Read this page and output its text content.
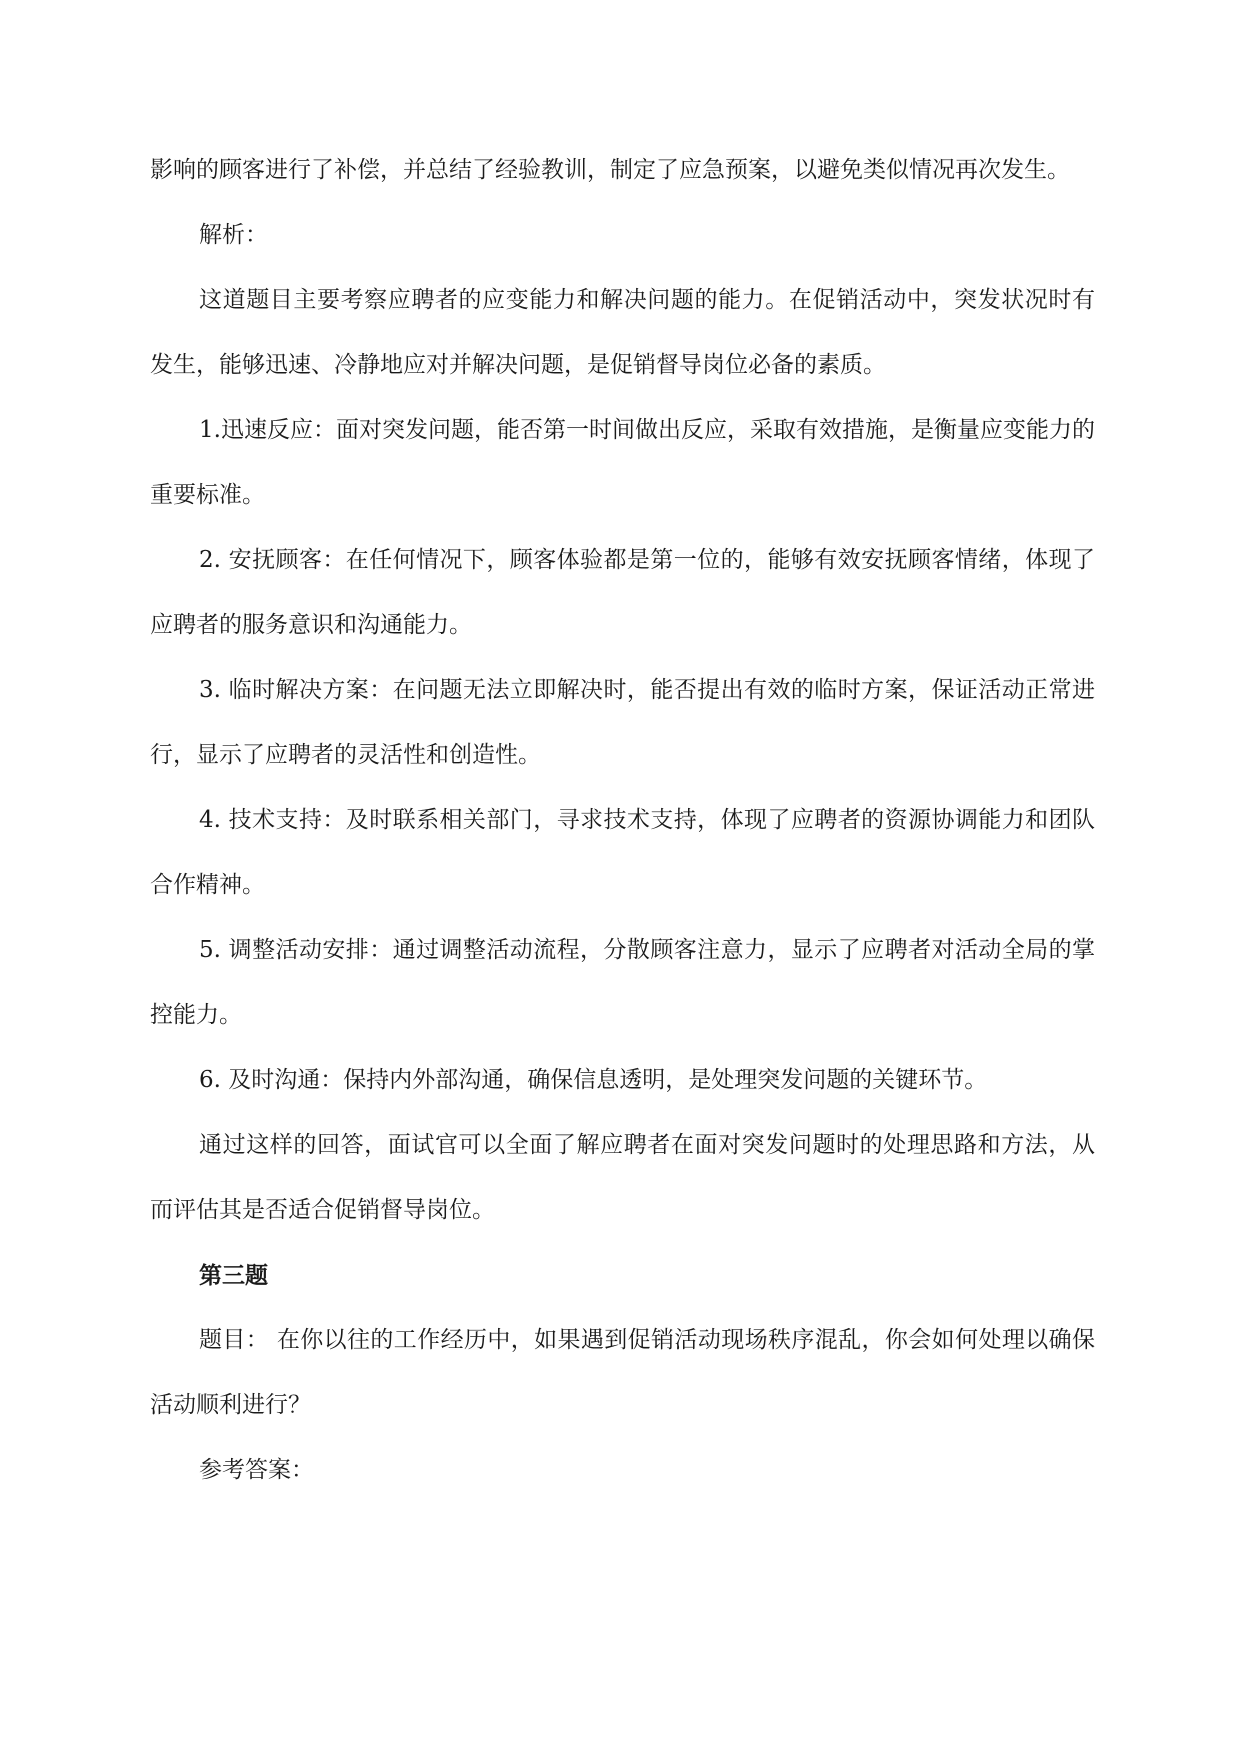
影响的顾客进行了补偿，并总结了经验教训，制定了应急预案，以避免类似情况再次发生。

解析：

这道题目主要考察应聘者的应变能力和解决问题的能力。在促销活动中，突发状况时有发生，能够迅速、冷静地应对并解决问题，是促销督导岗位必备的素质。

1.迅速反应：面对突发问题，能否第一时间做出反应，采取有效措施，是衡量应变能力的重要标准。

2. 安抚顾客：在任何情况下，顾客体验都是第一位的，能够有效安抚顾客情绪，体现了应聘者的服务意识和沟通能力。

3. 临时解决方案：在问题无法立即解决时，能否提出有效的临时方案，保证活动正常进行，显示了应聘者的灵活性和创造性。

4. 技术支持：及时联系相关部门，寻求技术支持，体现了应聘者的资源协调能力和团队合作精神。

5. 调整活动安排：通过调整活动流程，分散顾客注意力，显示了应聘者对活动全局的掌控能力。

6. 及时沟通：保持内外部沟通，确保信息透明，是处理突发问题的关键环节。

通过这样的回答，面试官可以全面了解应聘者在面对突发问题时的处理思路和方法，从而评估其是否适合促销督导岗位。

第三题

题目： 在你以往的工作经历中，如果遇到促销活动现场秩序混乱，你会如何处理以确保活动顺利进行？

参考答案：
